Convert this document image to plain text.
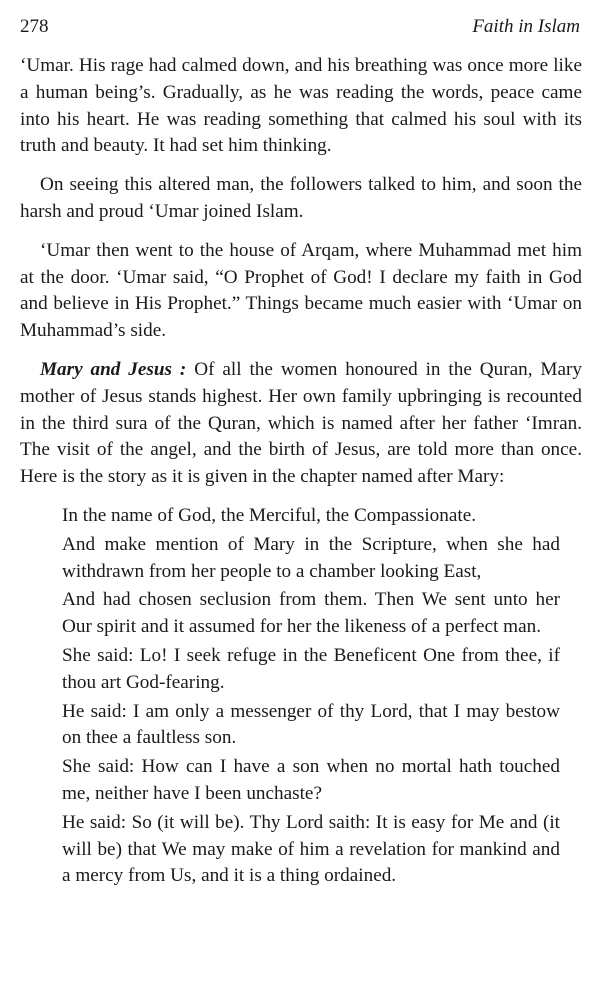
278	Faith in Islam

‘Umar. His rage had calmed down, and his breathing was once more like a human being’s. Gradually, as he was reading the words, peace came into his heart. He was reading something that calmed his soul with its truth and beauty. It had set him thinking.

On seeing this altered man, the followers talked to him, and soon the harsh and proud ‘Umar joined Islam.

‘Umar then went to the house of Arqam, where Muhammad met him at the door. ‘Umar said, “O Prophet of God! I declare my faith in God and believe in His Prophet.” Things became much easier with ‘Umar on Muhammad’s side.

Mary and Jesus : Of all the women honoured in the Quran, Mary mother of Jesus stands highest. Her own family upbringing is recounted in the third sura of the Quran, which is named after her father ‘Imran. The visit of the angel, and the birth of Jesus, are told more than once. Here is the story as it is given in the chapter named after Mary:

In the name of God, the Merciful, the Compassionate.

And make mention of Mary in the Scripture, when she had withdrawn from her people to a chamber looking East,

And had chosen seclusion from them. Then We sent unto her Our spirit and it assumed for her the likeness of a perfect man.

She said: Lo! I seek refuge in the Beneficent One from thee, if thou art God-fearing.

He said: I am only a messenger of thy Lord, that I may bestow on thee a faultless son.

She said: How can I have a son when no mortal hath touched me, neither have I been unchaste?

He said: So (it will be). Thy Lord saith: It is easy for Me and (it will be) that We may make of him a revelation for mankind and a mercy from Us, and it is a thing ordained.
